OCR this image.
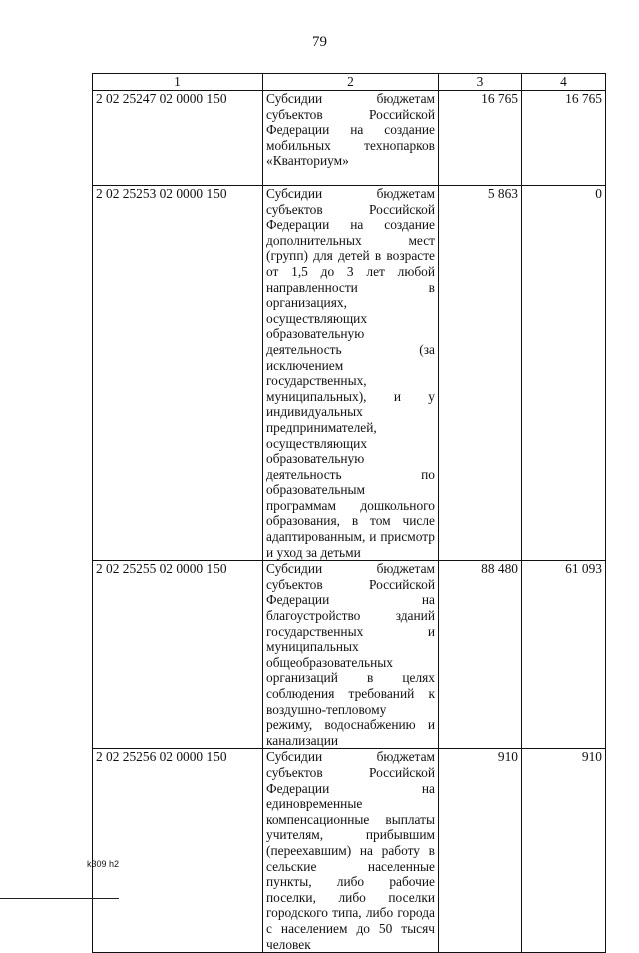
79
1	2	3	4
2 02 25247 02 0000 150	Субсидии бюджетам субъектов Российской Федерации на создание мобильных технопарков «Кванториум»	16 765	16 765
2 02 25253 02 0000 150	Субсидии бюджетам субъектов Российской Федерации на создание дополнительных мест (групп) для детей в возрасте от 1,5 до 3 лет любой направленности в организациях, осуществляющих образовательную деятельность (за исключением государственных, муниципальных), и у индивидуальных предпринимателей, осуществляющих образовательную деятельность по образовательным программам дошкольного образования, в том числе адаптированным, и присмотр и уход за детьми	5 863	0
2 02 25255 02 0000 150	Субсидии бюджетам субъектов Российской Федерации на благоустройство зданий государственных и муниципальных общеобразовательных организаций в целях соблюдения требований к воздушно-тепловому режиму, водоснабжению и канализации	88 480	61 093
2 02 25256 02 0000 150	Субсидии бюджетам субъектов Российской Федерации на единовременные компенсационные выплаты учителям, прибывшим (переехавшим) на работу в сельские населенные пункты, либо рабочие поселки, либо поселки городского типа, либо города с населением до 50 тысяч человек	910	910
k309 h2
